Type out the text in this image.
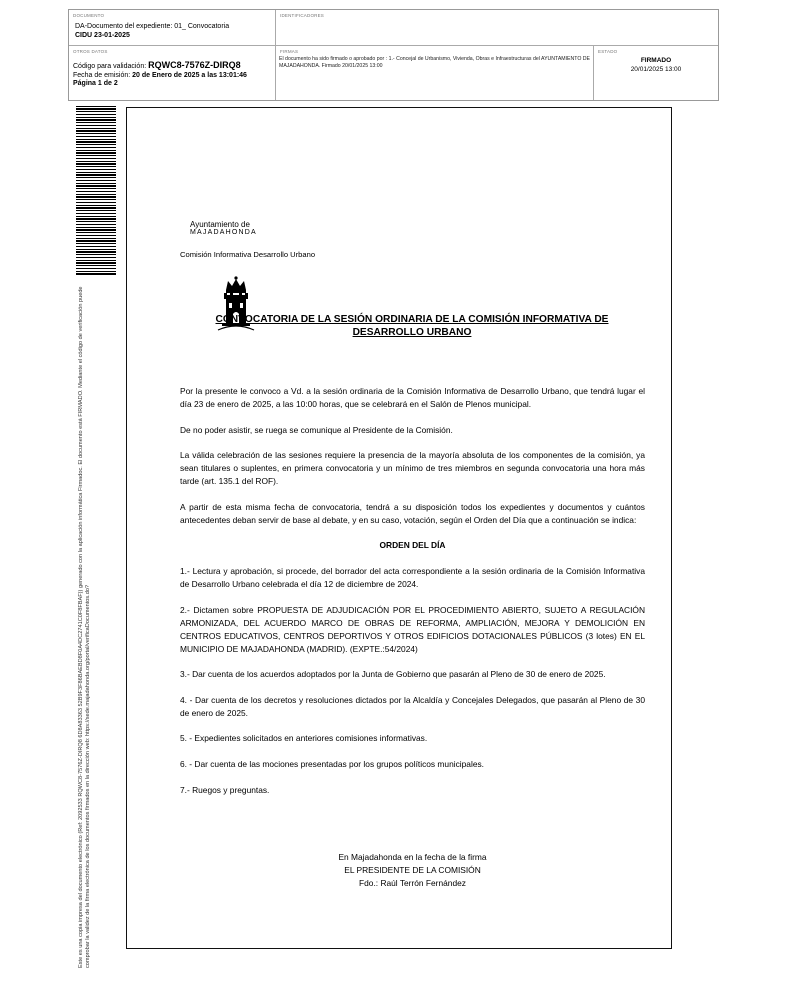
DOCUMENTO
DA-Documento del expediente: 01_ Convocatoria
CIDU 23-01-2025
IDENTIFICADORES
OTROS DATOS
Código para validación: RQWC8-7576Z-DIRQ8
Fecha de emisión: 20 de Enero de 2025 a las 13:01:46
Página 1 de 2
FIRMAS
El documento ha sido firmado o aprobado por : 1.- Concejal de Urbanismo, Vivienda, Obras e Infraestructuras del AYUNTAMIENTO DE MAJADAHONDA. Firmado 20/01/2025 13:00
ESTADO
FIRMADO
20/01/2025 13:00
Este es una copia impresa del documento electrónico (Ref: 2092533 RQWC8-7576Z-DIRQ8 6D8A83363 52B9F3F86BAEBD8F0A4DC2741C0F8FBAF)) generado con la aplicación informática Firmadoc. El documento está FIRMADO. Mediante el código de verificación puede comprobar la validez de la firma electrónica de los documentos firmados en la dirección web: https://sede.majadahonda.org/portal/verificaDocumentos.do?
Ayuntamiento de
MAJADAHONDA
Comisión Informativa Desarrollo Urbano
CONVOCATORIA DE LA SESIÓN ORDINARIA DE LA COMISIÓN INFORMATIVA DE DESARROLLO URBANO

Por la presente le convoco a Vd. a la sesión ordinaria de la Comisión Informativa de Desarrollo Urbano, que tendrá lugar el día 23 de enero de 2025, a las 10:00 horas, que se celebrará en el Salón de Plenos municipal.

De no poder asistir, se ruega se comunique al Presidente de la Comisión.

La válida celebración de las sesiones requiere la presencia de la mayoría absoluta de los componentes de la comisión, ya sean titulares o suplentes, en primera convocatoria y un mínimo de tres miembros en segunda convocatoria una hora más tarde (art. 135.1 del ROF).

A partir de esta misma fecha de convocatoria, tendrá a su disposición todos los expedientes y documentos y cuántos antecedentes deban servir de base al debate, y en su caso, votación, según el Orden del Día que a continuación se indica:

ORDEN DEL DÍA

1.- Lectura y aprobación, si procede, del borrador del acta correspondiente a la sesión ordinaria de la Comisión Informativa de Desarrollo Urbano celebrada el día 12 de diciembre de 2024.

2.- Dictamen sobre PROPUESTA DE ADJUDICACIÓN POR EL PROCEDIMIENTO ABIERTO, SUJETO A REGULACIÓN ARMONIZADA, DEL ACUERDO MARCO DE OBRAS DE REFORMA, AMPLIACIÓN, MEJORA Y DEMOLICIÓN EN CENTROS EDUCATIVOS, CENTROS DEPORTIVOS Y OTROS EDIFICIOS DOTACIONALES PÚBLICOS (3 lotes) EN EL MUNICIPIO DE MAJADAHONDA (MADRID). (EXPTE.:54/2024)

3.- Dar cuenta de los acuerdos adoptados por la Junta de Gobierno que pasarán al Pleno de 30 de enero de 2025.

4. - Dar cuenta de los decretos y resoluciones dictados por la Alcaldía y Concejales Delegados, que pasarán al Pleno de 30 de enero de 2025.

5. - Expedientes solicitados en anteriores comisiones informativas.

6. - Dar cuenta de las mociones presentadas por los grupos políticos municipales.

7.- Ruegos y preguntas.

En Majadahonda en la fecha de la firma
EL PRESIDENTE DE LA COMISIÓN
Fdo.: Raúl Terrón Fernández
